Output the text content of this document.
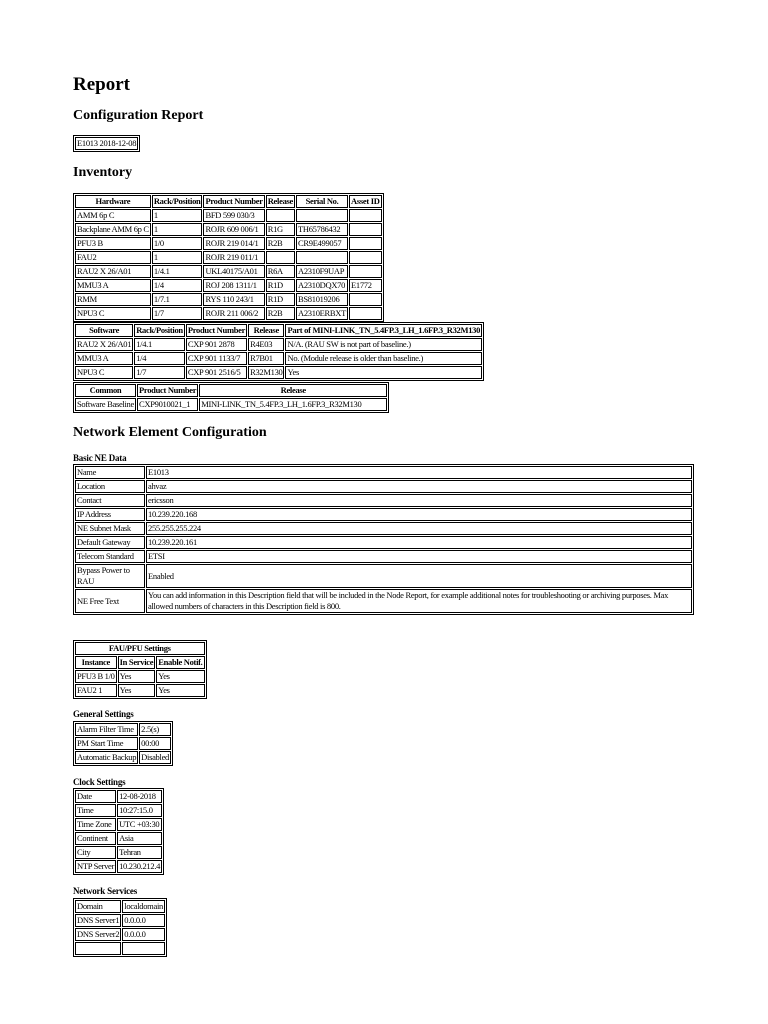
Report
Configuration Report
E1013 2018-12-08
Inventory
Hardware	Rack/Position	Product Number	Release	Serial No.	Asset ID
AMM 6p C	1	BFD 599 030/3			
Backplane AMM 6p C	1	ROJR 609 006/1	R1G	TH65786432	
PFU3 B	1/0	ROJR 219 014/1	R2B	CR9E499057	
FAU2	1	ROJR 219 011/1			
RAU2 X 26/A01	1/4.1	UKL40175/A01	R6A	A2310F9UAP	
MMU3 A	1/4	ROJ 208 1311/1	R1D	A2310DQX70	E1772
RMM	1/7.1	RYS 110 243/1	R1D	BS81019206	
NPU3 C	1/7	ROJR 211 006/2	R2B	A2310ERBXT	
Software	Rack/Position	Product Number	Release	Part of MINI-LINK_TN_5.4FP.3_LH_1.6FP.3_R32M130
RAU2 X 26/A01	1/4.1	CXP 901 2878	R4E03	N/A. (RAU SW is not part of baseline.)
MMU3 A	1/4	CXP 901 1133/7	R7B01	No. (Module release is older than baseline.)
NPU3 C	1/7	CXP 901 2516/5	R32M130	Yes
Common	Product Number	Release
Software Baseline	CXP9010021_1	MINI-LINK_TN_5.4FP.3_LH_1.6FP.3_R32M130
Network Element Configuration
Basic NE Data
Name	E1013
Location	ahvaz
Contact	ericsson
IP Address	10.239.220.168
NE Subnet Mask	255.255.255.224
Default Gateway	10.239.220.161
Telecom Standard	ETSI
Bypass Power to RAU	Enabled
NE Free Text	You can add information in this Description field that will be included in the Node Report, for example additional notes for troubleshooting or archiving purposes. Max allowed numbers of characters in this Description field is 800.
FAU/PFU Settings		
Instance	In Service	Enable Notif.
PFU3 B 1/0	Yes	Yes
FAU2 1	Yes	Yes
General Settings
Alarm Filter Time	2.5(s)
PM Start Time	00:00
Automatic Backup	Disabled
Clock Settings
Date	12-08-2018
Time	10:27:15.0
Time Zone	UTC +03:30
Continent	Asia
City	Tehran
NTP Server	10.230.212.4
Network Services
Domain	localdomain
DNS Server1	0.0.0.0
DNS Server2	0.0.0.0
